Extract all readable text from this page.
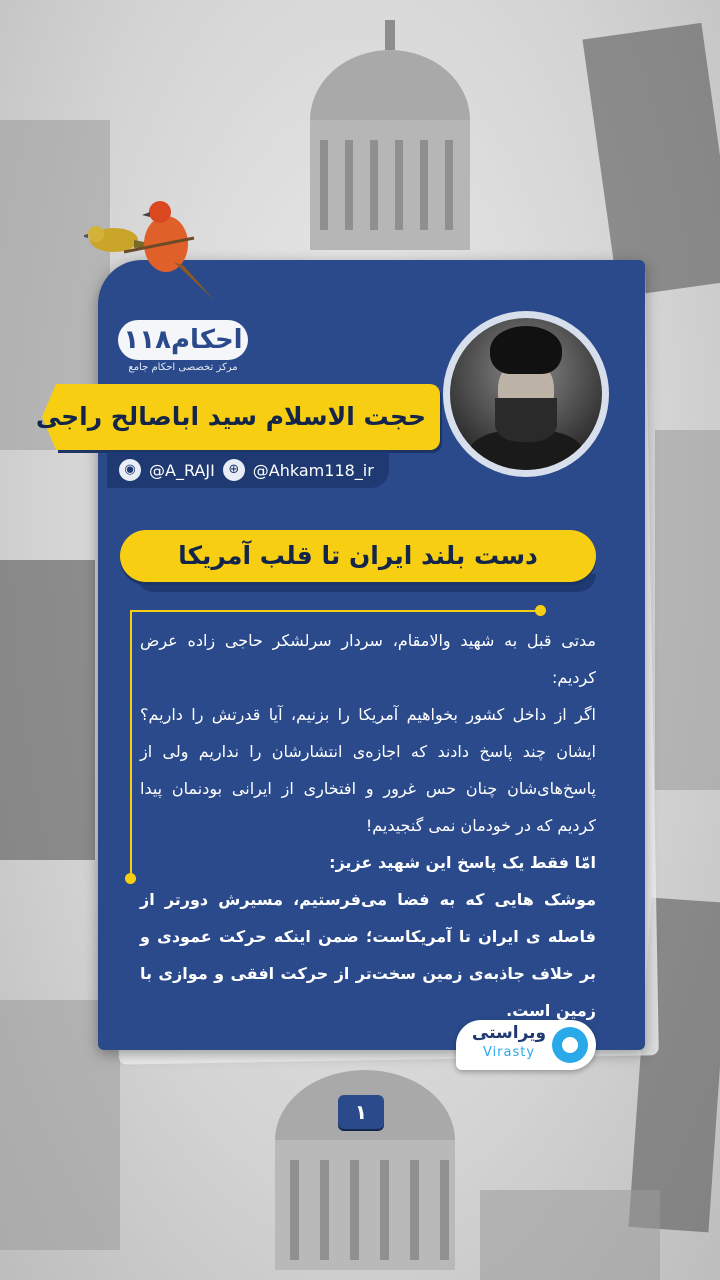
۱۱۸احکام
مرکز تخصصی احکام جامع
حجت الاسلام سید اباصالح راجی
◉ @A_RAJI	⊕ @Ahkam118_ir
دست بلند ایران تا قلب آمریکا

مدتی قبل به شهید والامقام، سردار سرلشکر حاجی زاده عرض کردیم:

اگر از داخل کشور بخواهیم آمریکا را بزنیم، آیا قدرتش را داریم؟ ایشان چند پاسخ دادند که اجازه‌ی انتشارشان را نداریم ولی از پاسخ‌های‌شان چنان حس غرور و افتخاری از ایرانی بودنمان پیدا کردیم که در خودمان نمی گنجیدیم!

امّا فقط یک پاسخ این شهید عزیز:

موشک هایی که به فضا می‌فرستیم، مسیرش دورتر از فاصله ی ایران تا آمریکاست؛ ضمن اینکه حرکت عمودی و بر خلاف جاذبه‌ی زمین سخت‌تر از حرکت افقی و موازی با زمین است.

ویراستی
Virasty
۱
